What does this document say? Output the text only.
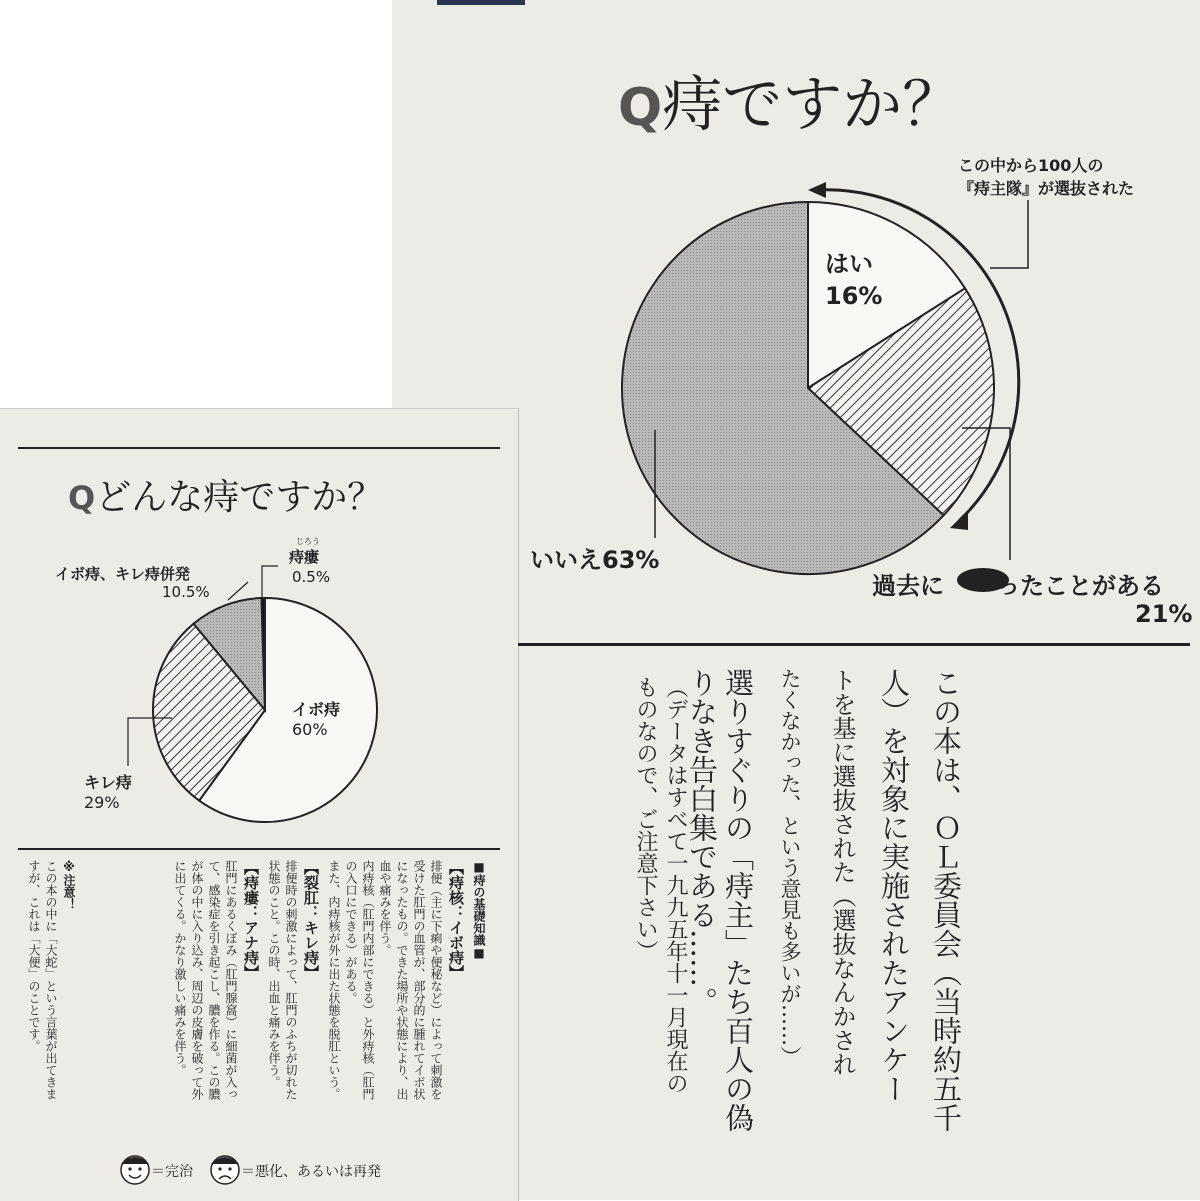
Q痔ですか？
この中から100人の
『痔主隊』が選抜された
はい
16%
いいえ63%
過去に ったことがある
21%
Qどんな痔ですか？
じろう
痔瘻
0.5%
イボ痔、キレ痔併発
10.5%
イボ痔
60%
キレ痔
29%	この本は、ＯＬ委員会（当時約五千
人）を対象に実施されたアンケー
トを基に選抜された（選抜なんかされ
たくなかった、という意見も多いが……）
選りすぐりの「痔主」たち百人の偽
りなき告白集である……。
（データはすべて一九九五年十一月現在の
ものなので、ご注意下さい）
■痔の基礎知識■
【痔核：イボ痔】
排便（主に下痢や便秘など）によって刺激を
受けた肛門の血管が、部分的に腫れてイボ状
になったもの。できた場所や状態により、出
血や痛みを伴う。
内痔核（肛門内部にできる）と外痔核（肛門
の入口にできる）がある。
また、内痔核が外に出た状態を脱肛という。
【裂肛：キレ痔】
排便時の刺激によって、肛門のふちが切れた
状態のこと。この時、出血と痛みを伴う。
【痔瘻：アナ痔】
肛門にあるくぼみ（肛門腺窩）に細菌が入っ
て、感染症を引き起こし、膿を作る。この膿
が体の中に入り込み、周辺の皮膚を破って外
に出てくる。かなり激しい痛みを伴う。
※注意！
この本の中に「大蛇」という言葉が出てきま
すが、これは「大便」のことです。
＝完治	＝悪化、あるいは再発
